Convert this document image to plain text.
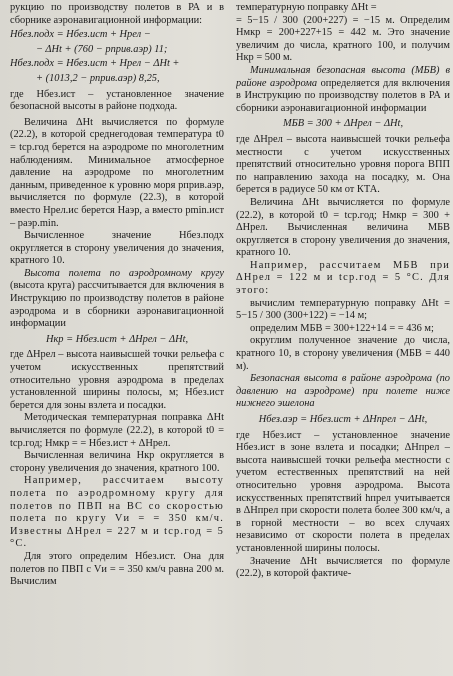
рукцию по производству полетов в РА и в сборнике аэронавигационной информации:

Hбез.подх = Hбез.ист + Hрел −
− ΔHt + (760 − pприв.аэр) 11;
Hбез.подх = Hбез.ист + Hрел − ΔHt +
+ (1013,2 − pприв.аэр) 8,25,

где Hбез.ист – установленное значение безопасной высоты в районе подхода.

Величина ΔHt вычисляется по формуле (22.2), в которой среднегодовая температура t0 = tср.год берется на аэродроме по многолетним наблюдениям. Минимальное атмосферное давление на аэродроме по многолетним данным, приведенное к уровню моря pприв.аэр, вычисляется по формуле (22.3), в которой вместо Hрел.ис берется Hаэр, а вместо pmin.ист – pаэр.min.

Вычисленное значение Hбез.подх округляется в сторону увеличения до значения, кратного 10.

Высота полета по аэродромному кругу (высота круга) рассчитывается для включения в Инструкцию по производству полетов в районе аэродрома и в сборники аэронавигационной информации

Hкр = Hбез.ист + ΔHрел − ΔHt,

где ΔHрел – высота наивысшей точки рельефа с учетом искусственных препятствий относительно уровня аэродрома в пределах установленной ширины полосы, м; Hбез.ист берется для зоны взлета и посадки.

Методическая температурная поправка ΔHt вычисляется по формуле (22.2), в которой t0 = tср.год; Hмкр = = Hбез.ист + ΔHрел.

Вычисленная величина Hкр округляется в сторону увеличения до значения, кратного 100.

Например, рассчитаем высоту полета по аэродромному кругу для полетов по ПВП на ВС со скоростью полета по кругу Vи = = 350 км/ч. Известны ΔHрел = 227 м и tср.год = 5 °C.

Для этого определим Hбез.ист. Она для полетов по ПВП с Vи = = 350 км/ч равна 200 м. Вычислим

температурную поправку ΔHt =

= 5−15 / 300 (200+227) = −15 м. Определим Hмкр = 200+227+15 = 442 м. Это значение увеличим до числа, кратного 100, и получим Hкр = 500 м.

Минимальная безопасная высота (МБВ) в районе аэродрома определяется для включения в Инструкцию по производству полетов в РА и сборники аэронавигационной информации

МБВ = 300 + ΔHрел − ΔHt,

где ΔHрел – высота наивысшей точки рельефа местности с учетом искусственных препятствий относительно уровня порога ВПП по направлению захода на посадку, м. Она берется в радиусе 50 км от КТА.

Величина ΔHt вычисляется по формуле (22.2), в которой t0 = tср.год; Hмкр = 300 + ΔHрел. Вычисленная величина МБВ округляется в сторону увеличения до значения, кратного 10.

Например, рассчитаем МБВ при ΔHрел = 122 м и tср.год = 5 °C. Для этого:

вычислим температурную поправку ΔHt = 5−15 / 300 (300+122) = −14 м;

определим МБВ = 300+122+14 = = 436 м;

округлим полученное значение до числа, кратного 10, в сторону увеличения (МБВ = 440 м).

Безопасная высота в районе аэродрома (по давлению на аэродроме) при полете ниже нижнего эшелона

Hбез.аэр = Hбез.ист + ΔHпрел − ΔHt,

где Hбез.ист – установленное значение Hбез.ист в зоне взлета и посадки; ΔHпрел – высота наивысшей точки рельефа местности с учетом естественных препятствий на ней относительно уровня аэродрома. Высота искусственных препятствий hпрел учитывается в ΔHпрел при скорости полета более 300 км/ч, а в горной местности – во всех случаях независимо от скорости полета в пределах установленной ширины полосы.

Значение ΔHt вычисляется по формуле (22.2), в которой фактиче-
